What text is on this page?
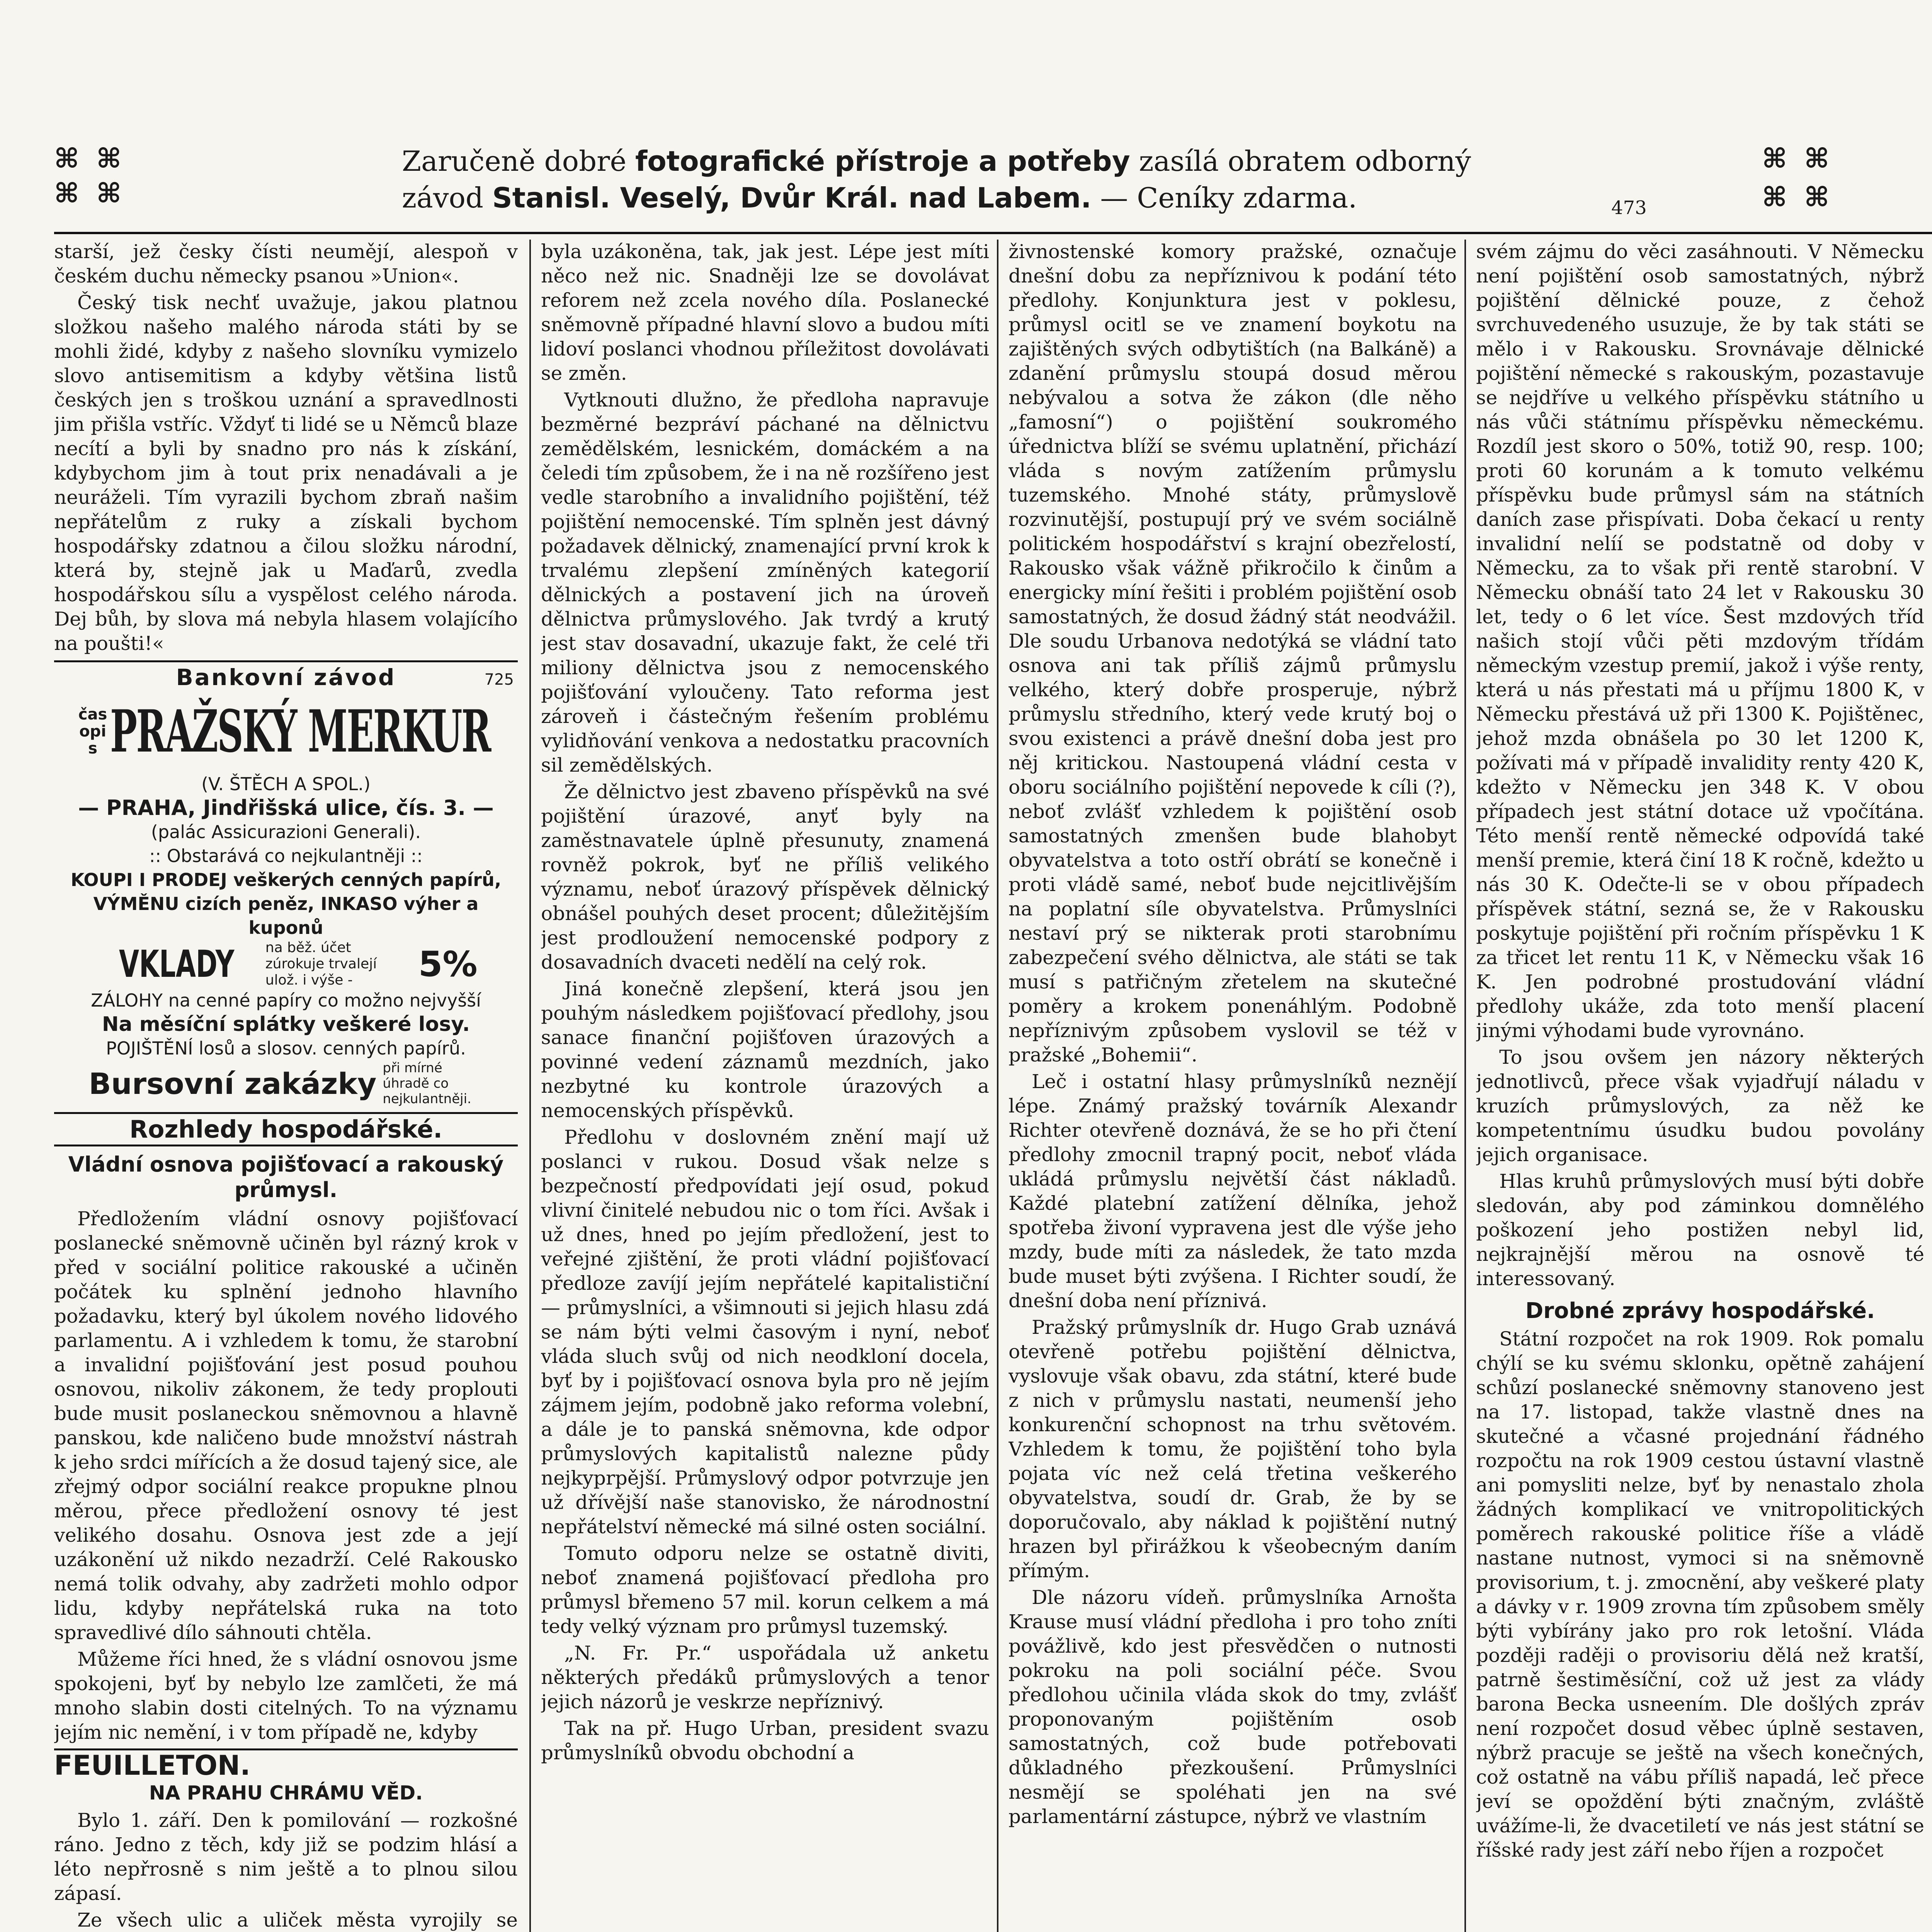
⌘ ⌘
⌘ ⌘
Zaručeně dobré fotografické přístroje a potřeby zasílá obratem odborný
závod Stanisl. Veselý, Dvůr Král. nad Labem. — Ceníky zdarma.	473
⌘ ⌘
⌘ ⌘

starší, jež česky čísti neumějí, alespoň v českém duchu německy psanou »Union«.

Český tisk nechť uvažuje, jakou platnou složkou našeho malého národa státi by se mohli židé, kdyby z našeho slovníku vymizelo slovo antisemitism a kdyby většina listů českých jen s troškou uznání a spravedlnosti jim přišla vstříc. Vždyť ti lidé se u Němců blaze necítí a byli by snadno pro nás k získání, kdybychom jim à tout prix nenadávali a je neuráželi. Tím vyrazili bychom zbraň našim nepřátelům z ruky a získali bychom hospodářsky zdatnou a čilou složku národní, která by, stejně jak u Maďarů, zvedla hospodářskou sílu a vyspělost celého národa. Dej bůh, by slova má nebyla hlasem volajícího na poušti!«

Bankovní závod	725
časopis PRAŽSKÝ MERKUR
(V. ŠTĚCH A SPOL.)
— PRAHA, Jindřišská ulice, čís. 3. —
(palác Assicurazioni Generali).
:: Obstarává co nejkulantněji ::
KOUPI I PRODEJ veškerých cenných papírů,
VÝMĚNU cizích peněz, INKASO výher a kuponů
VKLADY na běž. účet zúrokuje trvalejí ulož. i výše -	5%
ZÁLOHY na cenné papíry co možno nejvyšší
Na měsíční splátky veškeré losy.
POJIŠTĚNÍ losů a slosov. cenných papírů.
Bursovní zakázky při mírné úhradě co nejkulantněji.
Rozhledy hospodářské.
Vládní osnova pojišťovací a rakouský průmysl.

Předložením vládní osnovy pojišťovací poslanecké sněmovně učiněn byl rázný krok v před v sociální politice rakouské a učiněn počátek ku splnění jednoho hlavního požadavku, který byl úkolem nového lidového parlamentu. A i vzhledem k tomu, že starobní a invalidní pojišťování jest posud pouhou osnovou, nikoliv zákonem, že tedy proplouti bude musit poslaneckou sněmovnou a hlavně panskou, kde naličeno bude množství nástrah k jeho srdci mířících a že dosud tajený sice, ale zřejmý odpor sociální reakce propukne plnou měrou, přece předložení osnovy té jest velikého dosahu. Osnova jest zde a její uzákonění už nikdo nezadrží. Celé Rakousko nemá tolik odvahy, aby zadržeti mohlo odpor lidu, kdyby nepřátelská ruka na toto spravedlivé dílo sáhnouti chtěla.

Můžeme říci hned, že s vládní osnovou jsme spokojeni, byť by nebylo lze zamlčeti, že má mnoho slabin dosti citelných. To na významu jejím nic nemění, i v tom případě ne, kdyby

FEUILLETON.
NA PRAHU CHRÁMU VĚD.

Bylo 1. září. Den k pomilování — rozkošné ráno. Jedno z těch, kdy již se podzim hlásí a léto nepřrosně s nim ještě a to plnou silou zápasí.

Ze všech ulic a uliček města vyrojily se

byla uzákoněna, tak, jak jest. Lépe jest míti něco než nic. Snadněji lze se dovolávat reforem než zcela nového díla. Poslanecké sněmovně případné hlavní slovo a budou míti lidoví poslanci vhodnou příležitost dovolávati se změn.

Vytknouti dlužno, že předloha napravuje bezměrné bezpráví páchané na dělnictvu zemědělském, lesnickém, domáckém a na čeledi tím způsobem, že i na ně rozšířeno jest vedle starobního a invalidního pojištění, též pojištění nemocenské. Tím splněn jest dávný požadavek dělnický, znamenající první krok k trvalému zlepšení zmíněných kategorií dělnických a postavení jich na úroveň dělnictva průmyslového. Jak tvrdý a krutý jest stav dosavadní, ukazuje fakt, že celé tři miliony dělnictva jsou z nemocenského pojišťování vyloučeny. Tato reforma jest zároveň i částečným řešením problému vylidňování venkova a nedostatku pracovních sil zemědělských.

Že dělnictvo jest zbaveno příspěvků na své pojištění úrazové, anyť byly na zaměstnavatele úplně přesunuty, znamená rovněž pokrok, byť ne příliš velikého významu, neboť úrazový příspěvek dělnický obnášel pouhých deset procent; důležitějším jest prodloužení nemocenské podpory z dosavadních dvaceti nedělí na celý rok.

Jiná konečně zlepšení, která jsou jen pouhým následkem pojišťovací předlohy, jsou sanace finanční pojišťoven úrazových a povinné vedení záznamů mezdních, jako nezbytné ku kontrole úrazových a nemocenských příspěvků.

Předlohu v doslovném znění mají už poslanci v rukou. Dosud však nelze s bezpečností předpovídati její osud, pokud vlivní činitelé nebudou nic o tom říci. Avšak i už dnes, hned po jejím předložení, jest to veřejné zjištění, že proti vládní pojišťovací předloze zavíjí jejím nepřátelé kapitalističní — průmyslníci, a všimnouti si jejich hlasu zdá se nám býti velmi časovým i nyní, neboť vláda sluch svůj od nich neodkloní docela, byť by i pojišťovací osnova byla pro ně jejím zájmem jejím, podobně jako reforma volební, a dále je to panská sněmovna, kde odpor průmyslových kapitalistů nalezne půdy nejkyprpější. Průmyslový odpor potvrzuje jen už dřívější naše stanovisko, že národnostní nepřátelství německé má silné osten sociální.

Tomuto odporu nelze se ostatně diviti, neboť znamená pojišťovací předloha pro průmysl břemeno 57 mil. korun celkem a má tedy velký význam pro průmysl tuzemský.

„N. Fr. Pr.“ uspořádala už anketu některých předáků průmyslových a tenor jejich názorů je veskrze nepříznivý.

Tak na př. Hugo Urban, president svazu průmyslníků obvodu obchodní a

živnostenské komory pražské, označuje dnešní dobu za nepříznivou k podání této předlohy. Konjunktura jest v poklesu, průmysl ocitl se ve znamení boykotu na zajištěných svých odbytištích (na Balkáně) a zdanění průmyslu stoupá dosud měrou nebývalou a sotva že zákon (dle něho „famosní“) o pojištění soukromého úřednictva blíží se svému uplatnění, přichází vláda s novým zatížením průmyslu tuzemského. Mnohé státy, průmyslově rozvinutější, postupují prý ve svém sociálně politickém hospodářství s krajní obezřelostí, Rakousko však vážně přikročilo k činům a energicky míní řešiti i problém pojištění osob samostatných, že dosud žádný stát neodvážil. Dle soudu Urbanova nedotýká se vládní tato osnova ani tak příliš zájmů průmyslu velkého, který dobře prosperuje, nýbrž průmyslu středního, který vede krutý boj o svou existenci a právě dnešní doba jest pro něj kritickou. Nastoupená vládní cesta v oboru sociálního pojištění nepovede k cíli (?), neboť zvlášť vzhledem k pojištění osob samostatných zmenšen bude blahobyt obyvatelstva a toto ostří obrátí se konečně i proti vládě samé, neboť bude nejcitlivějším na poplatní síle obyvatelstva. Průmyslníci nestaví prý se nikterak proti starobnímu zabezpečení svého dělnictva, ale státi se tak musí s patřičným zřetelem na skutečné poměry a krokem ponenáhlým. Podobně nepříznivým způsobem vyslovil se též v pražské „Bohemii“.

Leč i ostatní hlasy průmyslníků neznějí lépe. Známý pražský továrník Alexandr Richter otevřeně doznává, že se ho při čtení předlohy zmocnil trapný pocit, neboť vláda ukládá průmyslu největší část nákladů. Každé platební zatížení dělníka, jehož spotřeba živoní vypravena jest dle výše jeho mzdy, bude míti za následek, že tato mzda bude muset býti zvýšena. I Richter soudí, že dnešní doba není příznivá.

Pražský průmyslník dr. Hugo Grab uznává otevřeně potřebu pojištění dělnictva, vyslovuje však obavu, zda státní, které bude z nich v průmyslu nastati, neumenší jeho konkurenční schopnost na trhu světovém. Vzhledem k tomu, že pojištění toho byla pojata víc než celá třetina veškerého obyvatelstva, soudí dr. Grab, že by se doporučovalo, aby náklad k pojištění nutný hrazen byl přirážkou k všeobecným daním přímým.

Dle názoru vídeň. průmyslníka Arnošta Krause musí vládní předloha i pro toho zníti povážlivě, kdo jest přesvědčen o nutnosti pokroku na poli sociální péče. Svou předlohou učinila vláda skok do tmy, zvlášť proponovaným pojištěním osob samostatných, což bude potřebovati důkladného přezkoušení. Průmyslníci nesmějí se spoléhati jen na své parlamentární zástupce, nýbrž ve vlastním

svém zájmu do věci zasáhnouti. V Německu není pojištění osob samostatných, nýbrž pojištění dělnické pouze, z čehož svrchuvedeného usuzuje, že by tak státi se mělo i v Rakousku. Srovnávaje dělnické pojištění německé s rakouským, pozastavuje se nejdříve u velkého příspěvku státního u nás vůči státnímu příspěvku německému. Rozdíl jest skoro o 50%, totiž 90, resp. 100; proti 60 korunám a k tomuto velkému příspěvku bude průmysl sám na státních daních zase přispívati. Doba čekací u renty invalidní nelíí se podstatně od doby v Německu, za to však při rentě starobní. V Německu obnáší tato 24 let v Rakousku 30 let, tedy o 6 let více. Šest mzdových tříd našich stojí vůči pěti mzdovým třídám německým vzestup premií, jakož i výše renty, která u nás přestati má u příjmu 1800 K, v Německu přestává už při 1300 K. Pojištěnec, jehož mzda obnášela po 30 let 1200 K, požívati má v případě invalidity renty 420 K, kdežto v Německu jen 348 K. V obou případech jest státní dotace už vpočítána. Této menší rentě německé odpovídá také menší premie, která činí 18 K ročně, kdežto u nás 30 K. Odečte-li se v obou případech příspěvek státní, sezná se, že v Rakousku poskytuje pojištění při ročním příspěvku 1 K za třicet let rentu 11 K, v Německu však 16 K. Jen podrobné prostudování vládní předlohy ukáže, zda toto menší placení jinými výhodami bude vyrovnáno.

To jsou ovšem jen názory některých jednotlivců, přece však vyjadřují náladu v kruzích průmyslových, za něž ke kompetentnímu úsudku budou povolány jejich organisace.

Hlas kruhů průmyslových musí býti dobře sledován, aby pod záminkou domnělého poškození jeho postižen nebyl lid, nejkrajnější měrou na osnově té interessovaný.

Drobné zprávy hospodářské.

Státní rozpočet na rok 1909. Rok pomalu chýlí se ku svému sklonku, opětně zahájení schůzí poslanecké sněmovny stanoveno jest na 17. listopad, takže vlastně dnes na skutečné a včasné projednání řádného rozpočtu na rok 1909 cestou ústavní vlastně ani pomysliti nelze, byť by nenastalo zhola žádných komplikací ve vnitropolitických poměrech rakouské politice říše a vládě nastane nutnost, vymoci si na sněmovně provisorium, t. j. zmocnění, aby veškeré platy a dávky v r. 1909 zrovna tím způsobem směly býti vybírány jako pro rok letošní. Vláda později raději o provisoriu dělá než kratší, patrně šestiměsíční, což už jest za vlády barona Becka usneením. Dle došlých zpráv není rozpočet dosud věbec úplně sestaven, nýbrž pracuje se ještě na všech konečných, což ostatně na vábu příliš napadá, leč přece jeví se opoždění býti značným, zvláště uvážíme-li, že dvacetiletí ve nás jest státní se říšské rady jest září nebo říjen a rozpočet
